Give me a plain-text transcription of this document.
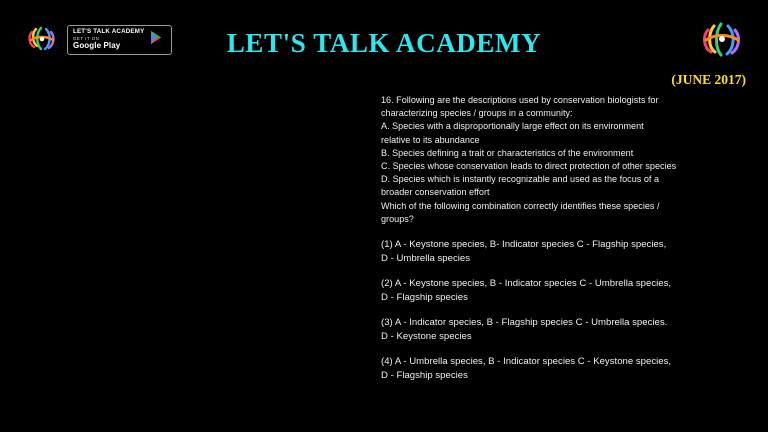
LET'S TALK ACADEMY
GET IT ON
Google Play	LET'S TALK ACADEMY
(JUNE 2017)
16. Following are the descriptions used by conservation biologists for
characterizing species / groups in a community:
A. Species with a disproportionally large effect on its environment
relative to its abundance
B. Species defining a trait or characteristics of the environment
C. Species whose conservation leads to direct protection of other species
D. Species which is instantly recognizable and used as the focus of a
broader conservation effort
Which of the following combination correctly identifies these species /
groups?
(1) A - Keystone species, B- Indicator species C - Flagship species,
D - Umbrella species
(2) A - Keystone species, B - Indicator species C - Umbrella species,
D - Flagship species
(3) A - Indicator species, B - Flagship species C - Umbrella species.
D - Keystone species
(4) A - Umbrella species, B - Indicator species C - Keystone species,
D - Flagship species
